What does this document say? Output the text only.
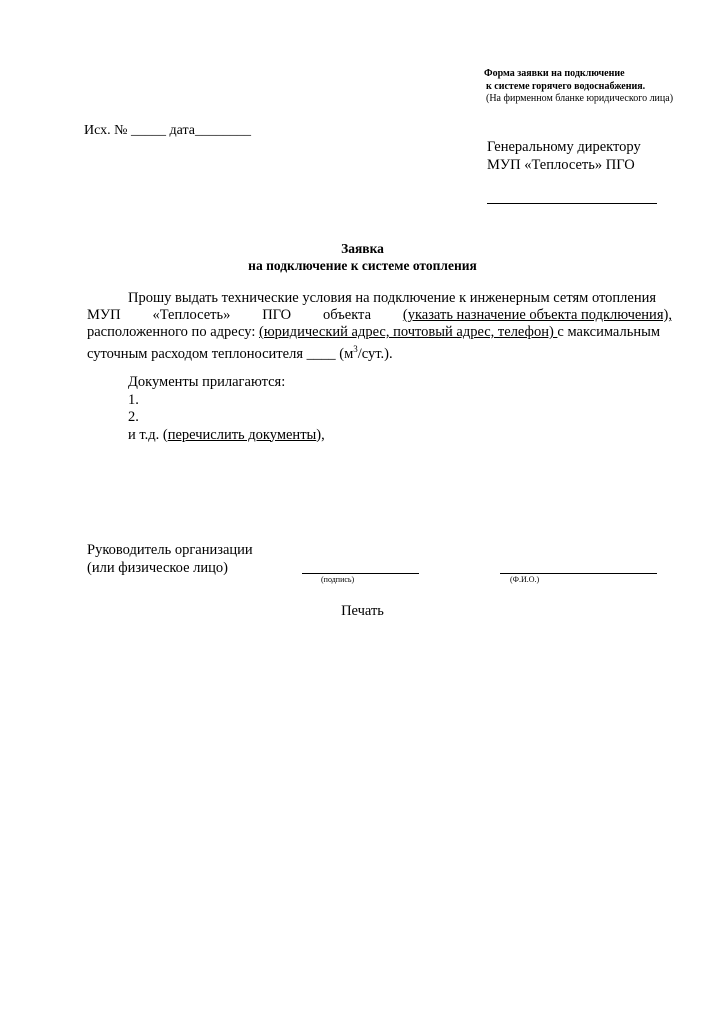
Форма заявки на подключение
к системе горячего водоснабжения.
(На фирменном бланке юридического лица)
Исх. № _____ дата________
Генеральному директору
МУП «Теплосеть» ПГО
Заявка
на подключение к системе отопления

Прошу выдать технические условия на подключение к инженерным сетям отопления

МУП «Теплосеть» ПГО объекта (указать назначение объекта подключения),

расположенного по адресу: (юридический адрес, почтовый адрес, телефон) с максимальным

суточным расходом теплоносителя ____ $(м^3/сут.)$.

Документы прилагаются:
1.
2.
и т.д. (перечислить документы),
Руководитель организации
(или физическое лицо)
(подпись)	(Ф.И.О.)
Печать
